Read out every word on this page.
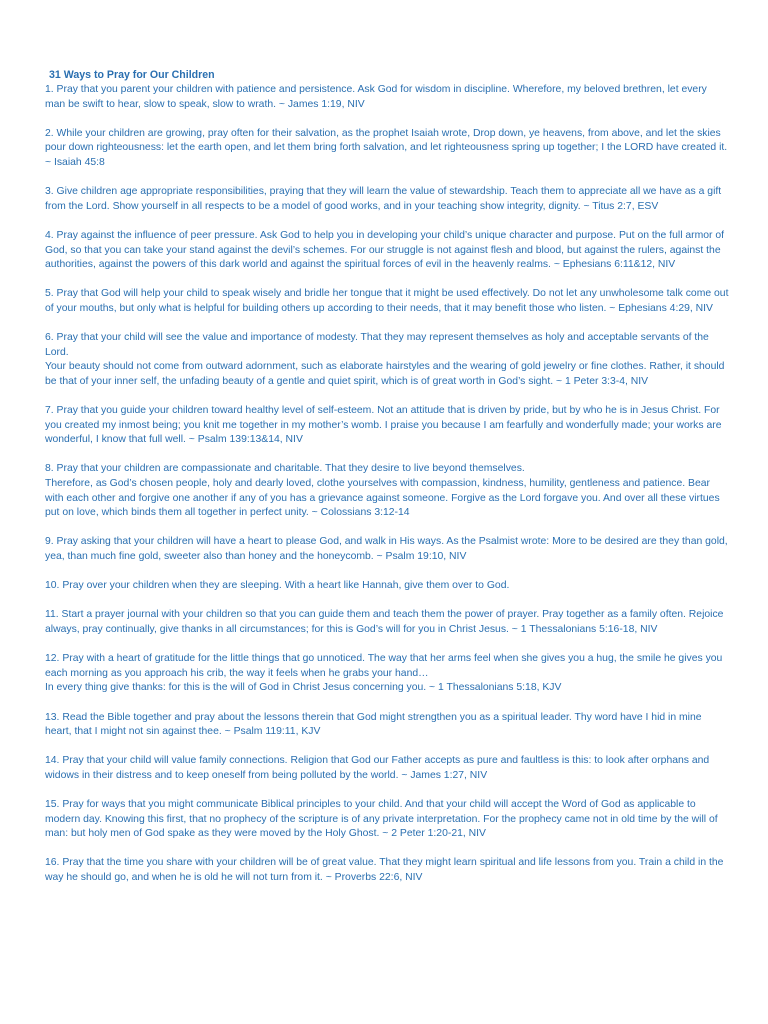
31 Ways to Pray for Our Children

1. Pray that you parent your children with patience and persistence. Ask God for wisdom in discipline. Wherefore, my beloved brethren, let every man be swift to hear, slow to speak, slow to wrath. ~ James 1:19, NIV

2. While your children are growing, pray often for their salvation, as the prophet Isaiah wrote, Drop down, ye heavens, from above, and let the skies pour down righteousness: let the earth open, and let them bring forth salvation, and let righteousness spring up together; I the LORD have created it. ~ Isaiah 45:8

3. Give children age appropriate responsibilities, praying that they will learn the value of stewardship. Teach them to appreciate all we have as a gift from the Lord. Show yourself in all respects to be a model of good works, and in your teaching show integrity, dignity. ~ Titus 2:7, ESV

4. Pray against the influence of peer pressure. Ask God to help you in developing your child’s unique character and purpose. Put on the full armor of God, so that you can take your stand against the devil’s schemes. For our struggle is not against flesh and blood, but against the rulers, against the authorities, against the powers of this dark world and against the spiritual forces of evil in the heavenly realms. ~ Ephesians 6:11&12, NIV

5. Pray that God will help your child to speak wisely and bridle her tongue that it might be used effectively. Do not let any unwholesome talk come out of your mouths, but only what is helpful for building others up according to their needs, that it may benefit those who listen. ~ Ephesians 4:29, NIV

6. Pray that your child will see the value and importance of modesty. That they may represent themselves as holy and acceptable servants of the Lord.

Your beauty should not come from outward adornment, such as elaborate hairstyles and the wearing of gold jewelry or fine clothes. Rather, it should be that of your inner self, the unfading beauty of a gentle and quiet spirit, which is of great worth in God’s sight. ~ 1 Peter 3:3-4, NIV

7. Pray that you guide your children toward healthy level of self-esteem. Not an attitude that is driven by pride, but by who he is in Jesus Christ. For you created my inmost being; you knit me together in my mother’s womb. I praise you because I am fearfully and wonderfully made; your works are wonderful, I know that full well. ~ Psalm 139:13&14, NIV

8. Pray that your children are compassionate and charitable. That they desire to live beyond themselves.

Therefore, as God’s chosen people, holy and dearly loved, clothe yourselves with compassion, kindness, humility, gentleness and patience. Bear with each other and forgive one another if any of you has a grievance against someone. Forgive as the Lord forgave you. And over all these virtues put on love, which binds them all together in perfect unity. ~ Colossians 3:12-14

9. Pray asking that your children will have a heart to please God, and walk in His ways. As the Psalmist wrote: More to be desired are they than gold, yea, than much fine gold, sweeter also than honey and the honeycomb. ~ Psalm 19:10, NIV

10. Pray over your children when they are sleeping. With a heart like Hannah, give them over to God.

11. Start a prayer journal with your children so that you can guide them and teach them the power of prayer. Pray together as a family often. Rejoice always, pray continually, give thanks in all circumstances; for this is God’s will for you in Christ Jesus. ~ 1 Thessalonians 5:16-18, NIV

12. Pray with a heart of gratitude for the little things that go unnoticed. The way that her arms feel when she gives you a hug, the smile he gives you each morning as you approach his crib, the way it feels when he grabs your hand…

In every thing give thanks: for this is the will of God in Christ Jesus concerning you. ~ 1 Thessalonians 5:18, KJV

13. Read the Bible together and pray about the lessons therein that God might strengthen you as a spiritual leader. Thy word have I hid in mine heart, that I might not sin against thee. ~ Psalm 119:11, KJV

14. Pray that your child will value family connections. Religion that God our Father accepts as pure and faultless is this: to look after orphans and widows in their distress and to keep oneself from being polluted by the world. ~ James 1:27, NIV

15. Pray for ways that you might communicate Biblical principles to your child. And that your child will accept the Word of God as applicable to modern day. Knowing this first, that no prophecy of the scripture is of any private interpretation. For the prophecy came not in old time by the will of man: but holy men of God spake as they were moved by the Holy Ghost. ~ 2 Peter 1:20-21, NIV

16. Pray that the time you share with your children will be of great value. That they might learn spiritual and life lessons from you. Train a child in the way he should go, and when he is old he will not turn from it. ~ Proverbs 22:6, NIV
